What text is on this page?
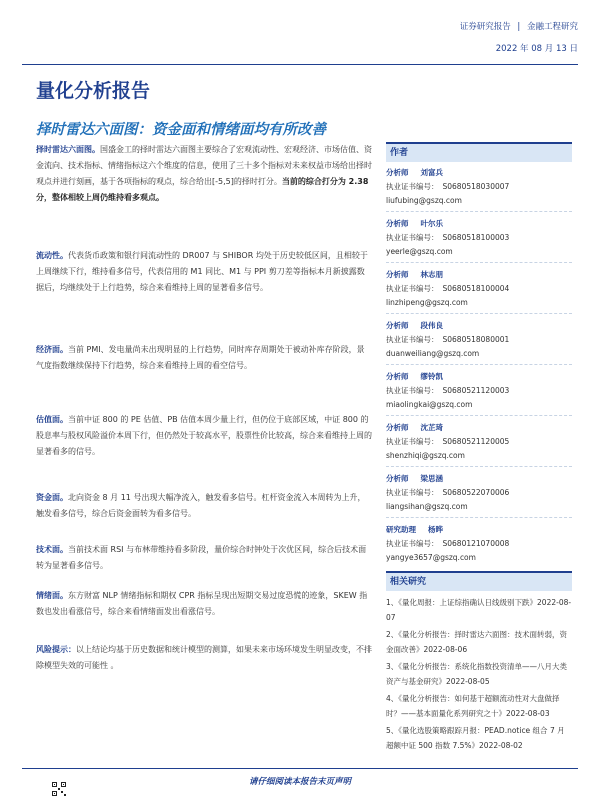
证券研究报告 | 金融工程研究
2022 年 08 月 13 日
量化分析报告
择时雷达六面图：资金面和情绪面均有所改善
择时雷达六面图。国盛金工的择时雷达六面图主要综合了宏观流动性、宏观经济、市场估值、资金流向、技术指标、情绪指标这六个维度的信息，使用了三十多个指标对未来权益市场给出择时观点并进行刻画，基于各项指标的观点，综合给出[-5,5]的择时打分。当前的综合打分为 2.38 分，整体相较上周仍维持看多观点。
流动性。代表货币政策和银行间流动性的 DR007 与 SHIBOR 均处于历史较低区间，且相较于上周继续下行，维持看多信号，代表信用的 M1 同比、M1 与 PPI 剪刀差等指标本月新披露数据后，均继续处于上行趋势，综合来看维持上周的显著看多信号。
经济面。当前 PMI、发电量尚未出现明显的上行趋势，同时库存周期处于被动补库存阶段，景气度指数继续保持下行趋势，综合来看维持上周的看空信号。
估值面。当前中证 800 的 PE 估值、PB 估值本周少量上行，但仍位于底部区域，中证 800 的股息率与股权风险溢价本周下行，但仍然处于较高水平，股票性价比较高，综合来看维持上周的显著看多的信号。
资金面。北向资金 8 月 11 号出现大幅净流入，触发看多信号。杠杆资金流入本周转为上升，触发看多信号，综合后资金面转为看多信号。
技术面。当前技术面 RSI 与布林带维持看多阶段，量价综合时钟处于次优区间，综合后技术面转为显著看多信号。
情绪面。东方财富 NLP 情绪指标和期权 CPR 指标呈现出短期交易过度恐慌的迹象，SKEW 指数也发出看涨信号，综合来看情绪面发出看涨信号。
风险提示：以上结论均基于历史数据和统计模型的测算，如果未来市场环境发生明显改变，不排除模型失效的可能性 。
作者
分析师 刘富兵
执业证书编号： S0680518030007
liufubing@gszq.com
分析师 叶尔乐
执业证书编号： S0680518100003
yeerle@gszq.com
分析师 林志朋
执业证书编号： S0680518100004
linzhipeng@gszq.com
分析师 段伟良
执业证书编号： S0680518080001
duanweiliang@gszq.com
分析师 缪铃凯
执业证书编号： S0680521120003
miaolingkai@gszq.com
分析师 沈芷琦
执业证书编号： S0680521120005
shenzhiqi@gszq.com
分析师 梁思涵
执业证书编号： S0680522070006
liangsihan@gszq.com
研究助理 杨晔
执业证书编号： S0680121070008
yangye3657@gszq.com
相关研究
1、《量化周报：上证综指确认日线级别下跌》2022-08-07
2、《量化分析报告：择时雷达六面图：技术面转弱，资金面改善》2022-08-06
3、《量化分析报告：系统化指数投资清单——八月大类资产与基金研究》2022-08-05
4、《量化分析报告：如何基于超额流动性对大盘做择时？——基本面量化系列研究之十》2022-08-03
5、《量化选股策略跟踪月报：PEAD.notice 组合 7 月超额中证 500 指数 7.5%》2022-08-02
请仔细阅读本报告末页声明
